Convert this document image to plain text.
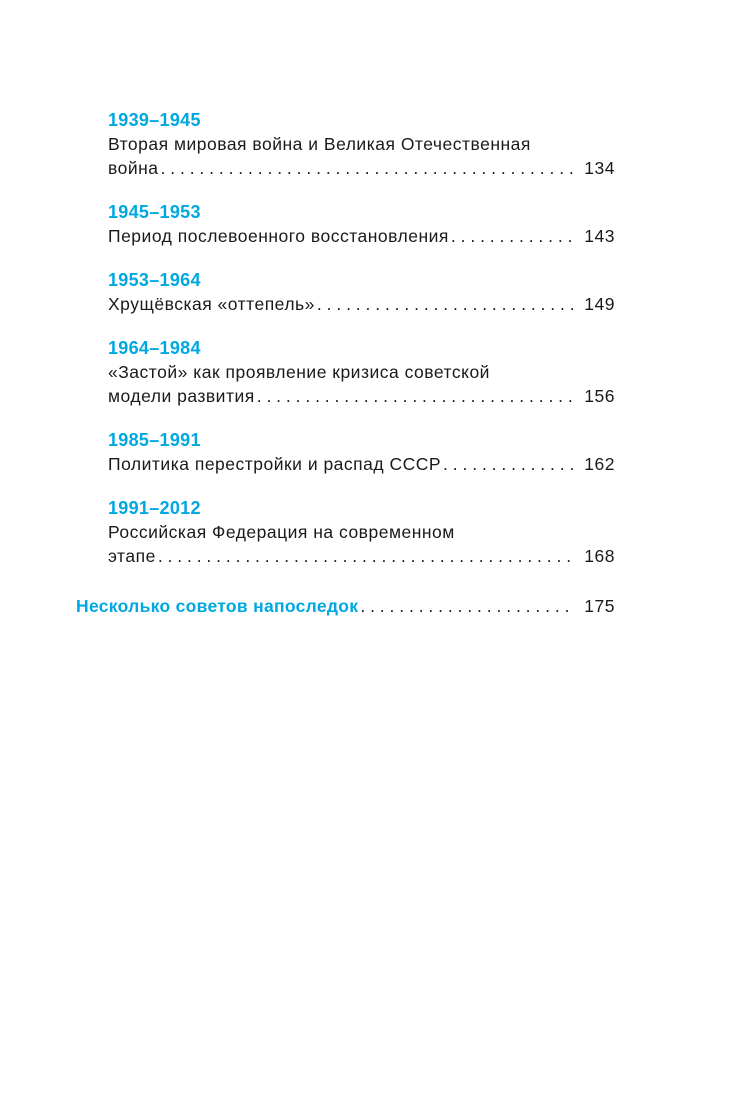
1939–1945
Вторая мировая война и Великая Отечественная
война . . .	134
1945–1953
Период послевоенного восстановления . . .	143
1953–1964
Хрущёвская «оттепель» . . .	149
1964–1984
«Застой» как проявление кризиса советской
модели развития . . .	156
1985–1991
Политика перестройки и распад СССР . . .	162
1991–2012
Российская Федерация на современном
этапе . . .	168
Несколько советов напоследок . . .	175
